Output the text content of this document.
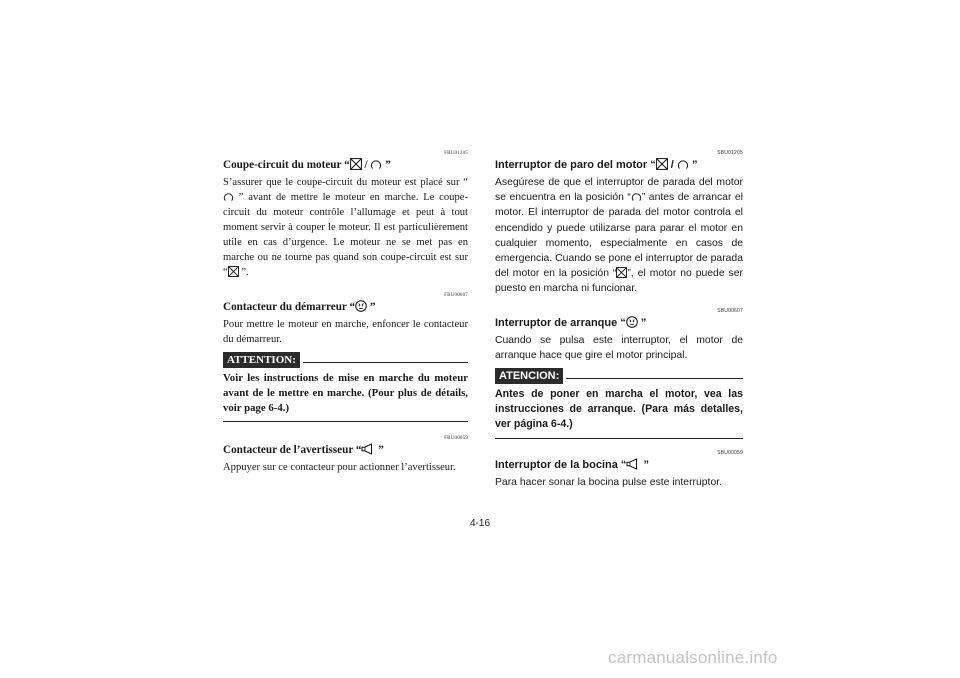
FBU01205
Coupe-circuit du moteur “
/
”

S’assurer que le coupe-circuit du moteur est placé sur “
” avant de mettre le moteur en marche. Le coupe-circuit du moteur contrôle l’allumage et peut à tout moment servir à couper le moteur. Il est particulièrement utile en cas d’urgence. Le moteur ne se met pas en marche ou ne tourne pas quand son coupe-circuit est sur “
”.

FBU00607
Contacteur du démarreur “
”

Pour mettre le moteur en marche, enfoncer le contacteur du démarreur.

ATTENTION:

Voir les instructions de mise en marche du moteur avant de le mettre en marche. (Pour plus de détails, voir page 6-4.)

FBU00059
Contacteur de l’avertisseur “
”

Appuyer sur ce contacteur pour actionner l’avertisseur.

SBU01205
Interruptor de paro del motor “
/
”

Asegúrese de que el interruptor de parada del motor se encuentra en la posición “ ” antes de arrancar el motor. El interruptor de parada del motor controla el encendido y puede utilizarse para parar el motor en cualquier momento, especialmente en casos de emergencia. Cuando se pone el interruptor de parada del motor en la posición “ ”, el motor no puede ser puesto en marcha ni funcionar.

SBU00607
Interruptor de arranque “
”

Cuando se pulsa este interruptor, el motor de arranque hace que gire el motor principal.

ATENCION:

Antes de poner en marcha el motor, vea las instrucciones de arranque. (Para más detalles, ver página 6-4.)

SBU00059
Interruptor de la bocina “
”

Para hacer sonar la bocina pulse este interruptor.

4-16
carmanualsonline.info
